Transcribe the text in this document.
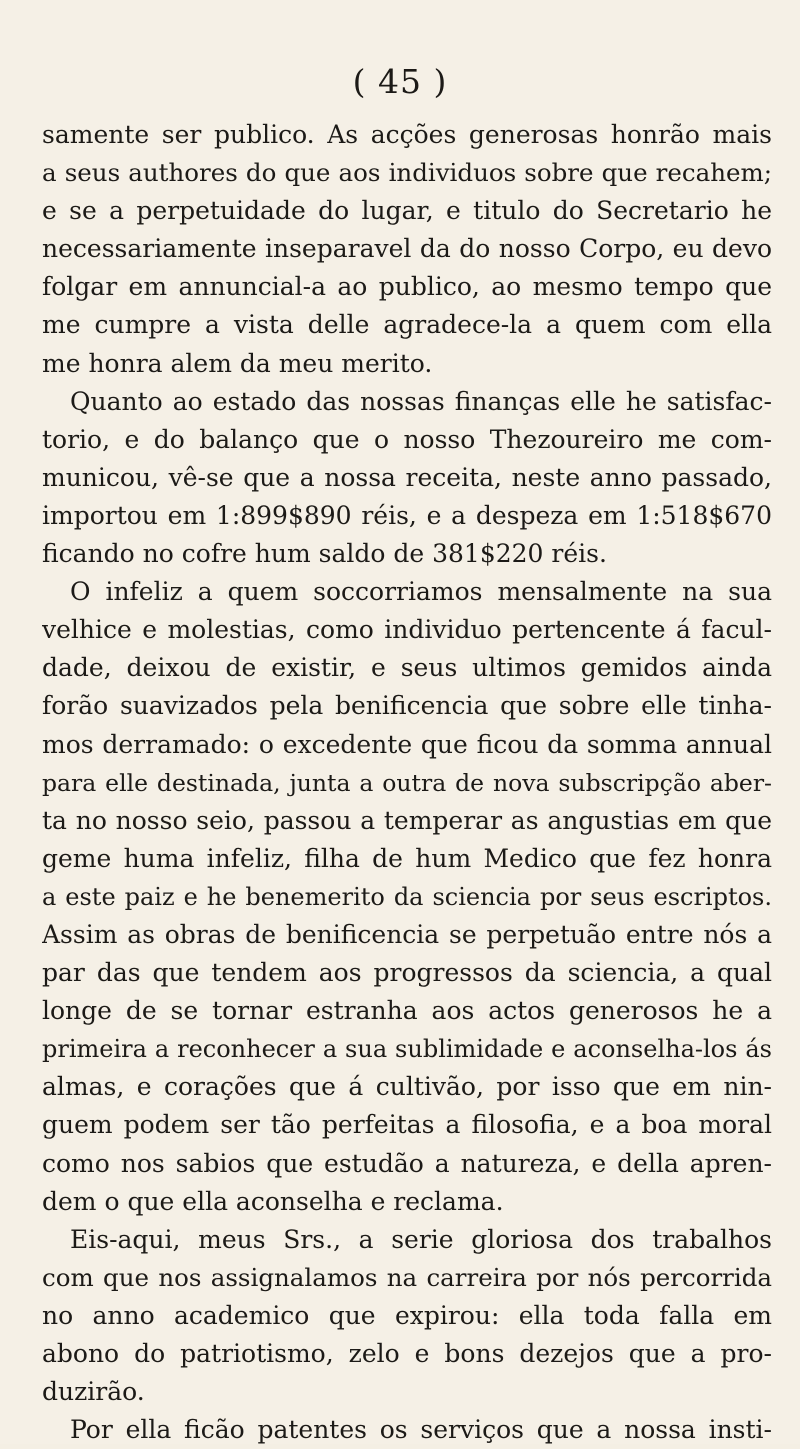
( 45 )
samente ser publico. As acções generosas honrão mais
a seus authores do que aos individuos sobre que recahem;
e se a perpetuidade do lugar, e titulo do Secretario he
necessariamente inseparavel da do nosso Corpo, eu devo
folgar em annuncial-a ao publico, ao mesmo tempo que
me cumpre a vista delle agradece-la a quem com ella
me honra alem da meu merito.
Quanto ao estado das nossas finanças elle he satisfac-
torio, e do balanço que o nosso Thezoureiro me com-
municou, vê-se que a nossa receita, neste anno passado,
importou em 1:899$890 réis, e a despeza em 1:518$670
ficando no cofre hum saldo de 381$220 réis.
O infeliz a quem soccorriamos mensalmente na sua
velhice e molestias, como individuo pertencente á facul-
dade, deixou de existir, e seus ultimos gemidos ainda
forão suavizados pela benificencia que sobre elle tinha-
mos derramado: o excedente que ficou da somma annual
para elle destinada, junta a outra de nova subscripção aber-
ta no nosso seio, passou a temperar as angustias em que
geme huma infeliz, filha de hum Medico que fez honra
a este paiz e he benemerito da sciencia por seus escriptos.
Assim as obras de benificencia se perpetuão entre nós a
par das que tendem aos progressos da sciencia, a qual
longe de se tornar estranha aos actos generosos he a
primeira a reconhecer a sua sublimidade e aconselha-los ás
almas, e corações que á cultivão, por isso que em nin-
guem podem ser tão perfeitas a filosofia, e a boa moral
como nos sabios que estudão a natureza, e della apren-
dem o que ella aconselha e reclama.
Eis-aqui, meus Srs., a serie gloriosa dos trabalhos
com que nos assignalamos na carreira por nós percorrida
no anno academico que expirou: ella toda falla em
abono do patriotismo, zelo e bons dezejos que a pro-
duzirão.
Por ella ficão patentes os serviços que a nossa insti-
